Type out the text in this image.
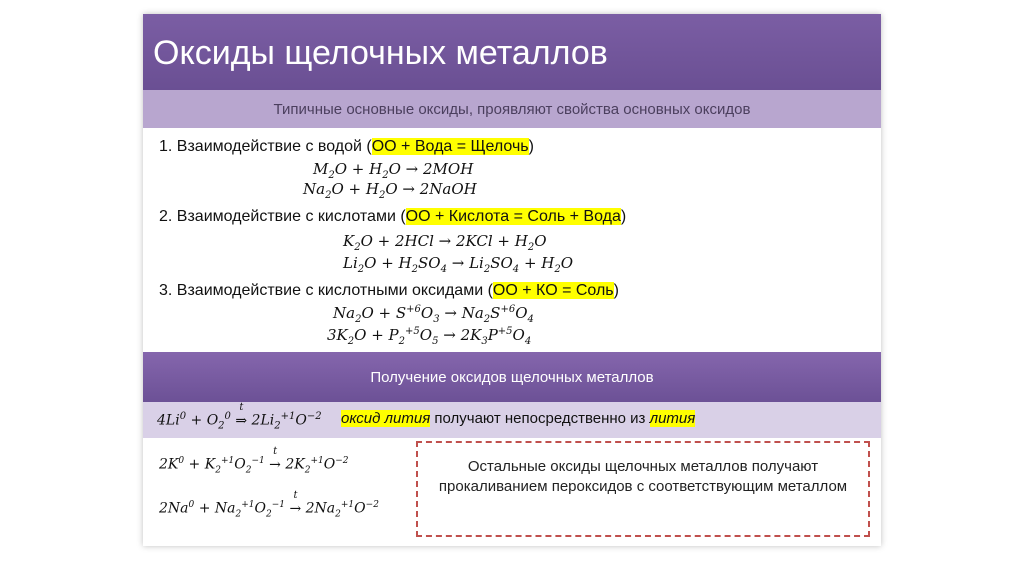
Оксиды щелочных металлов
Типичные основные оксиды, проявляют свойства основных оксидов
1. Взаимодействие с водой (ОО + Вода = Щелочь)
$M_2O + H_2O \to 2MOH$
$Na_2O + H_2O$ → 2NaOH
2. Взаимодействие с кислотами (ОО + Кислота = Соль + Вода)
$K_2O + 2HCl \to 2KCl + H_2O$
$Li_2O + H_2SO_4 \to Li_2SO_4 + H_2O$
3. Взаимодействие с кислотными оксидами (ОО + КО = Соль)
$Na_2O + S^{+6}O_3 \to Na_2S^{+6}O_4$
$3K_2O + P_2^{+5}O_5 \to 2K_3P^{+5}O_4$
Получение оксидов щелочных металлов
$4Li^0 + O_2^0$
t
⇒ $2Li_2^{+1}O^{-2}$ оксид лития получают непосредственно из лития
$2K^0 + K_2^{+1}O_2^{-1}$
t
→ $2K_2^{+1}O^{-2}$
$2Na^0 + Na_2^{+1}O_2^{-1}$
t
→ $2Na_2^{+1}O^{-2}$
Остальные оксиды щелочных металлов получают прокаливанием пероксидов с соответствующим металлом
